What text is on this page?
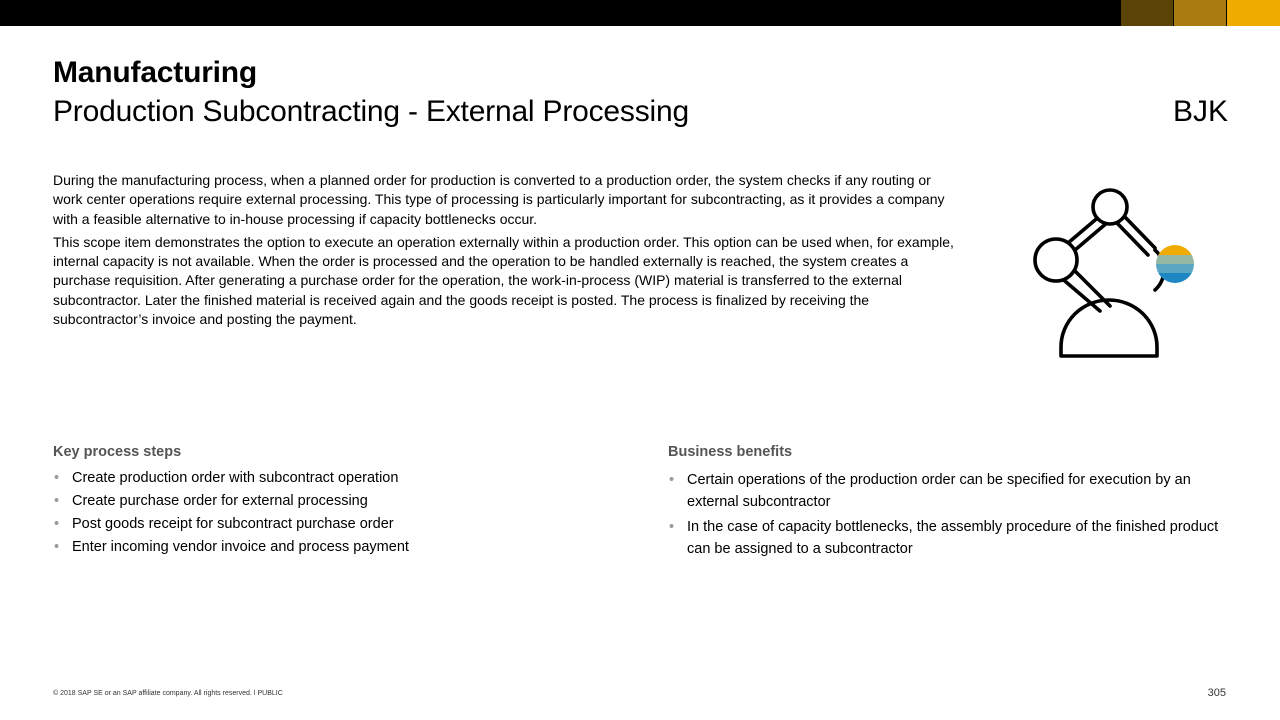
Manufacturing
Production Subcontracting - External Processing	BJK

During the manufacturing process, when a planned order for production is converted to a production order, the system checks if any routing or work center operations require external processing. This type of processing is particularly important for subcontracting, as it provides a company with a feasible alternative to in-house processing if capacity bottlenecks occur.

This scope item demonstrates the option to execute an operation externally within a production order. This option can be used when, for example, internal capacity is not available. When the order is processed and the operation to be handled externally is reached, the system creates a purchase requisition. After generating a purchase order for the operation, the work-in-process (WIP) material is transferred to the external subcontractor. Later the finished material is received again and the goods receipt is posted. The process is finalized by receiving the subcontractor’s invoice and posting the payment.

Key process steps
• Create production order with subcontract operation
• Create purchase order for external processing
• Post goods receipt for subcontract purchase order
• Enter incoming vendor invoice and process payment
Business benefits
• Certain operations of the production order can be specified for execution by an external subcontractor
• In the case of capacity bottlenecks, the assembly procedure of the finished product can be assigned to a subcontractor
© 2018 SAP SE or an SAP affiliate company. All rights reserved. ǀ PUBLIC	305
